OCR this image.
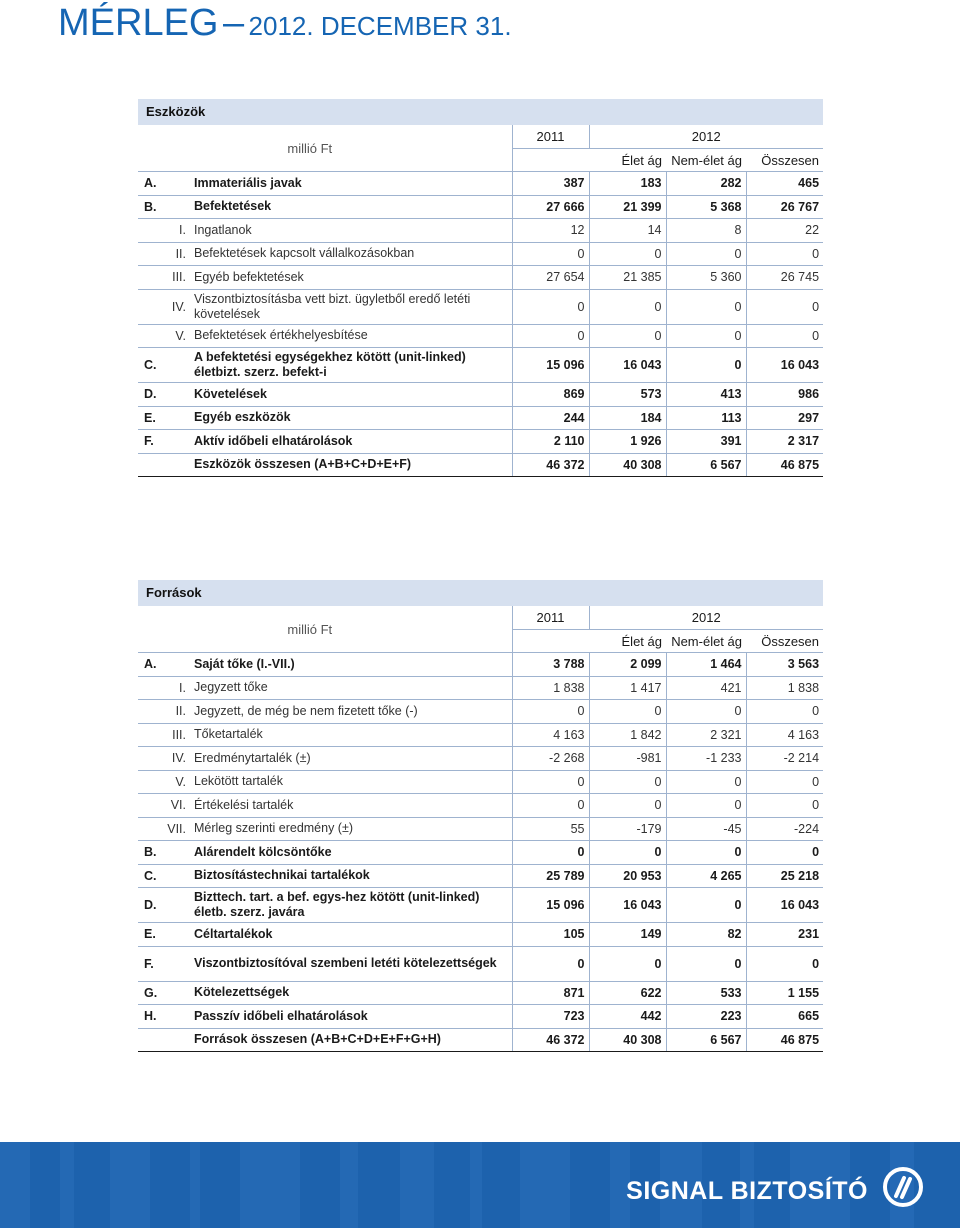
MÉRLEG – 2012. DECEMBER 31.
Eszközök
millió Ft		2011	2012		
			Élet ág	Nem-élet ág	Összesen
A.	Immateriális javak	387	183	282	465
B.	Befektetések	27 666	21 399	5 368	26 767
I.	Ingatlanok	12	14	8	22
II.	Befektetések kapcsolt vállalkozásokban	0	0	0	0
III.	Egyéb befektetések	27 654	21 385	5 360	26 745
IV.	Viszontbiztosításba vett bizt. ügyletből eredő letéti követelések	0	0	0	0
V.	Befektetések értékhelyesbítése	0	0	0	0
C.	A befektetési egységekhez kötött (unit-linked) életbizt. szerz. befekt-i	15 096	16 043	0	16 043
D.	Követelések	869	573	413	986
E.	Egyéb eszközök	244	184	113	297
F.	Aktív időbeli elhatárolások	2 110	1 926	391	2 317
	Eszközök összesen (A+B+C+D+E+F)	46 372	40 308	6 567	46 875
Források
millió Ft		2011	2012		
			Élet ág	Nem-élet ág	Összesen
A.	Saját tőke (I.-VII.)	3 788	2 099	1 464	3 563
I.	Jegyzett tőke	1 838	1 417	421	1 838
II.	Jegyzett, de még be nem fizetett tőke (-)	0	0	0	0
III.	Tőketartalék	4 163	1 842	2 321	4 163
IV.	Eredménytartalék (±)	-2 268	-981	-1 233	-2 214
V.	Lekötött tartalék	0	0	0	0
VI.	Értékelési tartalék	0	0	0	0
VII.	Mérleg szerinti eredmény (±)	55	-179	-45	-224
B.	Alárendelt kölcsöntőke	0	0	0	0
C.	Biztosítástechnikai tartalékok	25 789	20 953	4 265	25 218
D.	Bizttech. tart. a bef. egys-hez kötött (unit-linked) életb. szerz. javára	15 096	16 043	0	16 043
E.	Céltartalékok	105	149	82	231
F.	Viszontbiztosítóval szembeni letéti kötelezettségek	0	0	0	0
G.	Kötelezettségek	871	622	533	1 155
H.	Passzív időbeli elhatárolások	723	442	223	665
	Források összesen (A+B+C+D+E+F+G+H)	46 372	40 308	6 567	46 875
SIGNAL BIZTOSÍTÓ
